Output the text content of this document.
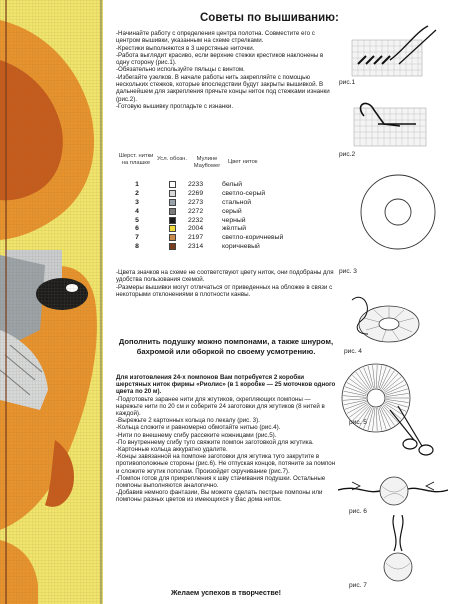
Советы по вышиванию:

-Начинайте работу с определения центра полотна. Совместите его с центром вышивки, указанным на схеме стрелками.

-Крестики выполняются в 3 шерстяные ниточки.

-Работа выглядит красиво, если верхние стежки крестиков наклонены в одну сторону (рис.1).

-Обязательно используйте пяльцы с винтом.

-Избегайте узелков. В начале работы нить закрепляйте с помощью нескольких стежков, которые впоследствии будут закрыты вышивкой. В дальнейшем для закрепления прячьте концы ниток под стежками изнанки (рис.2).

-Готовую вышивку прогладьте с изнанки.

Шерст. нитки на плашке
Усл. обозн.	Мулине Mayflower
Цвет ниток
1		2233	белый
2		2269	светло-серый
3		2273	стальной
4		2272	серый
5		2232	черный
6		2004	жёлтый
7		2197	светло-коричневый
8		2314	коричневый

-Цвета значков на схеме не соответствуют цвету ниток, они подобраны для удобства пользования схемой.

-Размеры вышивки могут отличаться от приведенных на обложке в связи с некоторыми отклонениями в плотности канвы.

Дополнить подушку можно помпонами, а также шнуром, бахромой или оборкой по своему усмотрению.

Для изготовления 24-х помпонов Вам потребуется 2 коробки шерстяных ниток фирмы «Риолис» (в 1 коробке — 25 моточков одного цвета по 20 м).

-Подготовьте заранее нити для жгутиков, скрепляющих помпоны — нарежьте нити по 20 см и соберите 24 заготовки для жгутиков (8 нитей в каждой).

-Вырежьте 2 картонных кольца по лекалу (рис. 3).

-Кольца сложите и равномерно обмотайте нитью (рис.4).

-Нити по внешнему сгибу рассеките ножницами (рис.5).

-По внутреннему сгибу туго свяжите помпон заготовкой для жгутика.

-Картонные кольца аккуратно удалите.

-Концы завязанной на помпоне заготовки для жгутика туго закрутите в противоположные стороны (рис.6). Не отпуская концов, потяните за помпон и сложите жгутик пополам. Произойдет скручивание (рис.7).

-Помпон готов для прикрепления к шву стачивания подушки. Остальные помпоны выполняются аналогично.

-Добавив немного фантазии, Вы можете сделать пестрые помпоны или помпоны разных цветов из имеющихся у Вас дома ниток.

Желаем успехов в творчестве!
рис.1
рис.2
рис. 3
рис. 4
рис. 5
рис. 6
рис. 7
